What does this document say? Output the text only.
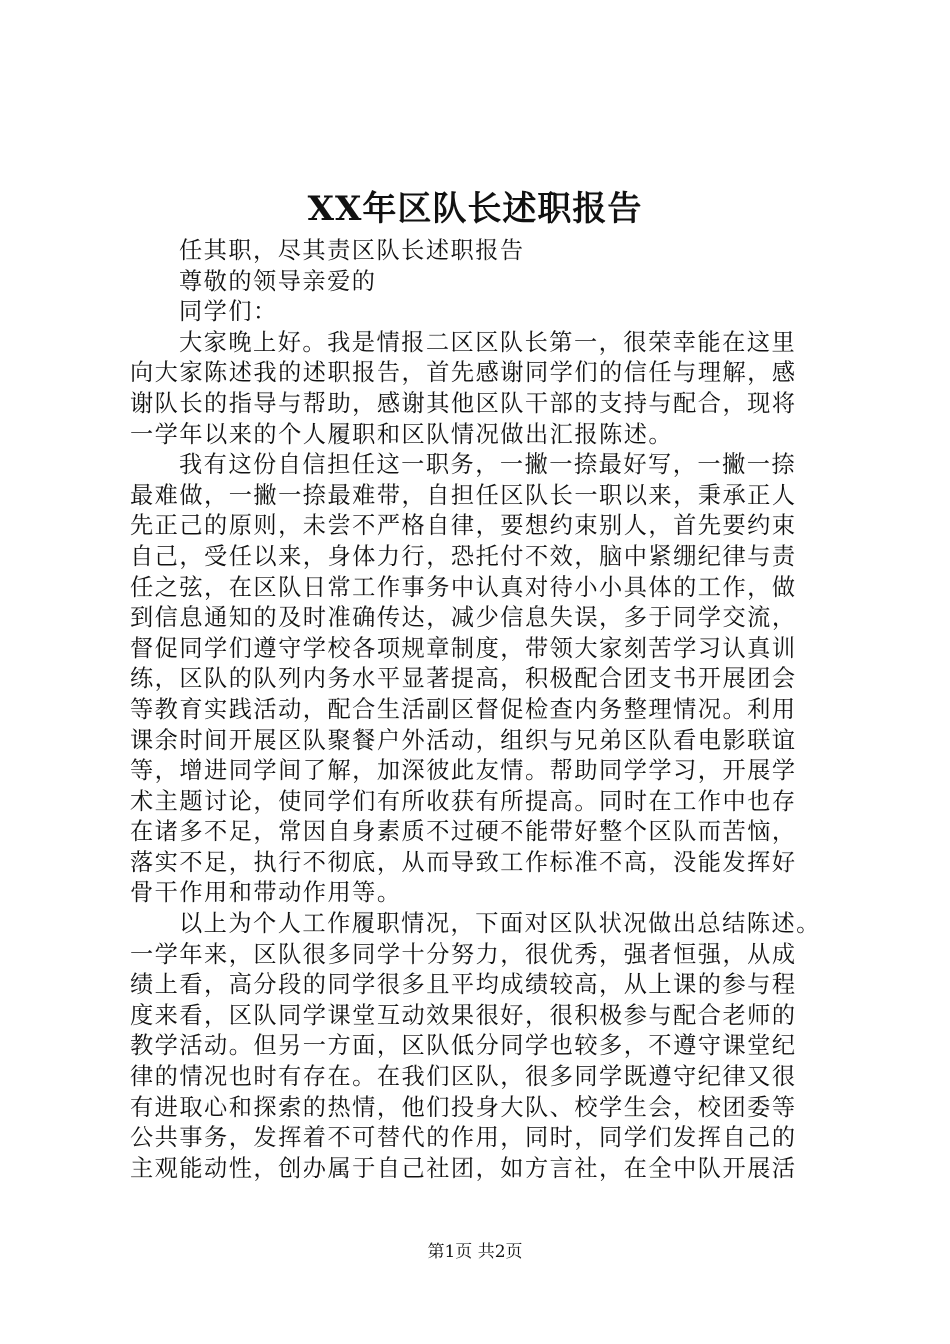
XX年区队长述职报告
任其职，尽其责区队长述职报告
尊敬的领导亲爱的
同学们：
大家晚上好。我是情报二区区队长第一，很荣幸能在这里
向大家陈述我的述职报告，首先感谢同学们的信任与理解，感
谢队长的指导与帮助，感谢其他区队干部的支持与配合，现将
一学年以来的个人履职和区队情况做出汇报陈述。
我有这份自信担任这一职务，一撇一捺最好写，一撇一捺
最难做，一撇一捺最难带，自担任区队长一职以来，秉承正人
先正己的原则，未尝不严格自律，要想约束别人，首先要约束
自己，受任以来，身体力行，恐托付不效，脑中紧绷纪律与责
任之弦，在区队日常工作事务中认真对待小小具体的工作，做
到信息通知的及时准确传达，减少信息失误，多于同学交流，
督促同学们遵守学校各项规章制度，带领大家刻苦学习认真训
练，区队的队列内务水平显著提高，积极配合团支书开展团会
等教育实践活动，配合生活副区督促检查内务整理情况。利用
课余时间开展区队聚餐户外活动，组织与兄弟区队看电影联谊
等，增进同学间了解，加深彼此友情。帮助同学学习，开展学
术主题讨论，使同学们有所收获有所提高。同时在工作中也存
在诸多不足，常因自身素质不过硬不能带好整个区队而苦恼，
落实不足，执行不彻底，从而导致工作标准不高，没能发挥好
骨干作用和带动作用等。
以上为个人工作履职情况，下面对区队状况做出总结陈述。
一学年来，区队很多同学十分努力，很优秀，强者恒强，从成
绩上看，高分段的同学很多且平均成绩较高，从上课的参与程
度来看，区队同学课堂互动效果很好，很积极参与配合老师的
教学活动。但另一方面，区队低分同学也较多，不遵守课堂纪
律的情况也时有存在。在我们区队，很多同学既遵守纪律又很
有进取心和探索的热情，他们投身大队、校学生会，校团委等
公共事务，发挥着不可替代的作用，同时，同学们发挥自己的
主观能动性，创办属于自己社团，如方言社，在全中队开展活
第1页 共2页
